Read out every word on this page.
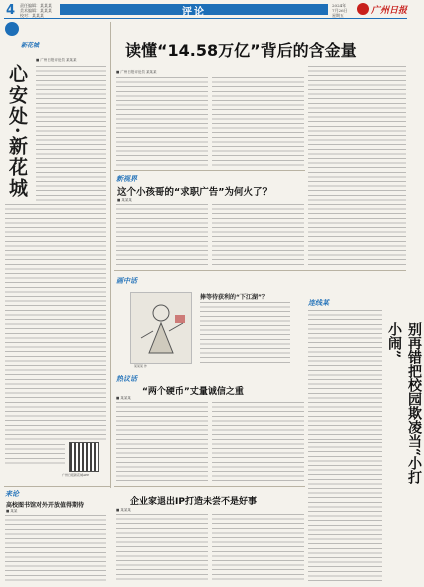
4 责任编辑：某某某
美术编辑：某某某
校对：某某某	评论
2024年
7月26日
星期五	广州日报
新花城
■ 广州日报评论员 某某某
心安处·新花城
广州日报新花城APP
读懂“14.58万亿”背后的含金量
■ 广州日报评论员 某某某
新视界
这个小孩哥的“求职广告”为何火了？
■ 某某某
画中话
某某某 作
捧等待获利的“下江湖”？
连线某
别再错把校园欺凌当“小打小闹”
热议话
“两个硬币”丈量诚信之重
■ 某某某
企业家退出IP打造未尝不是好事
■ 某某某
来论
高校图书馆对外开放值得期待
■ 某某
